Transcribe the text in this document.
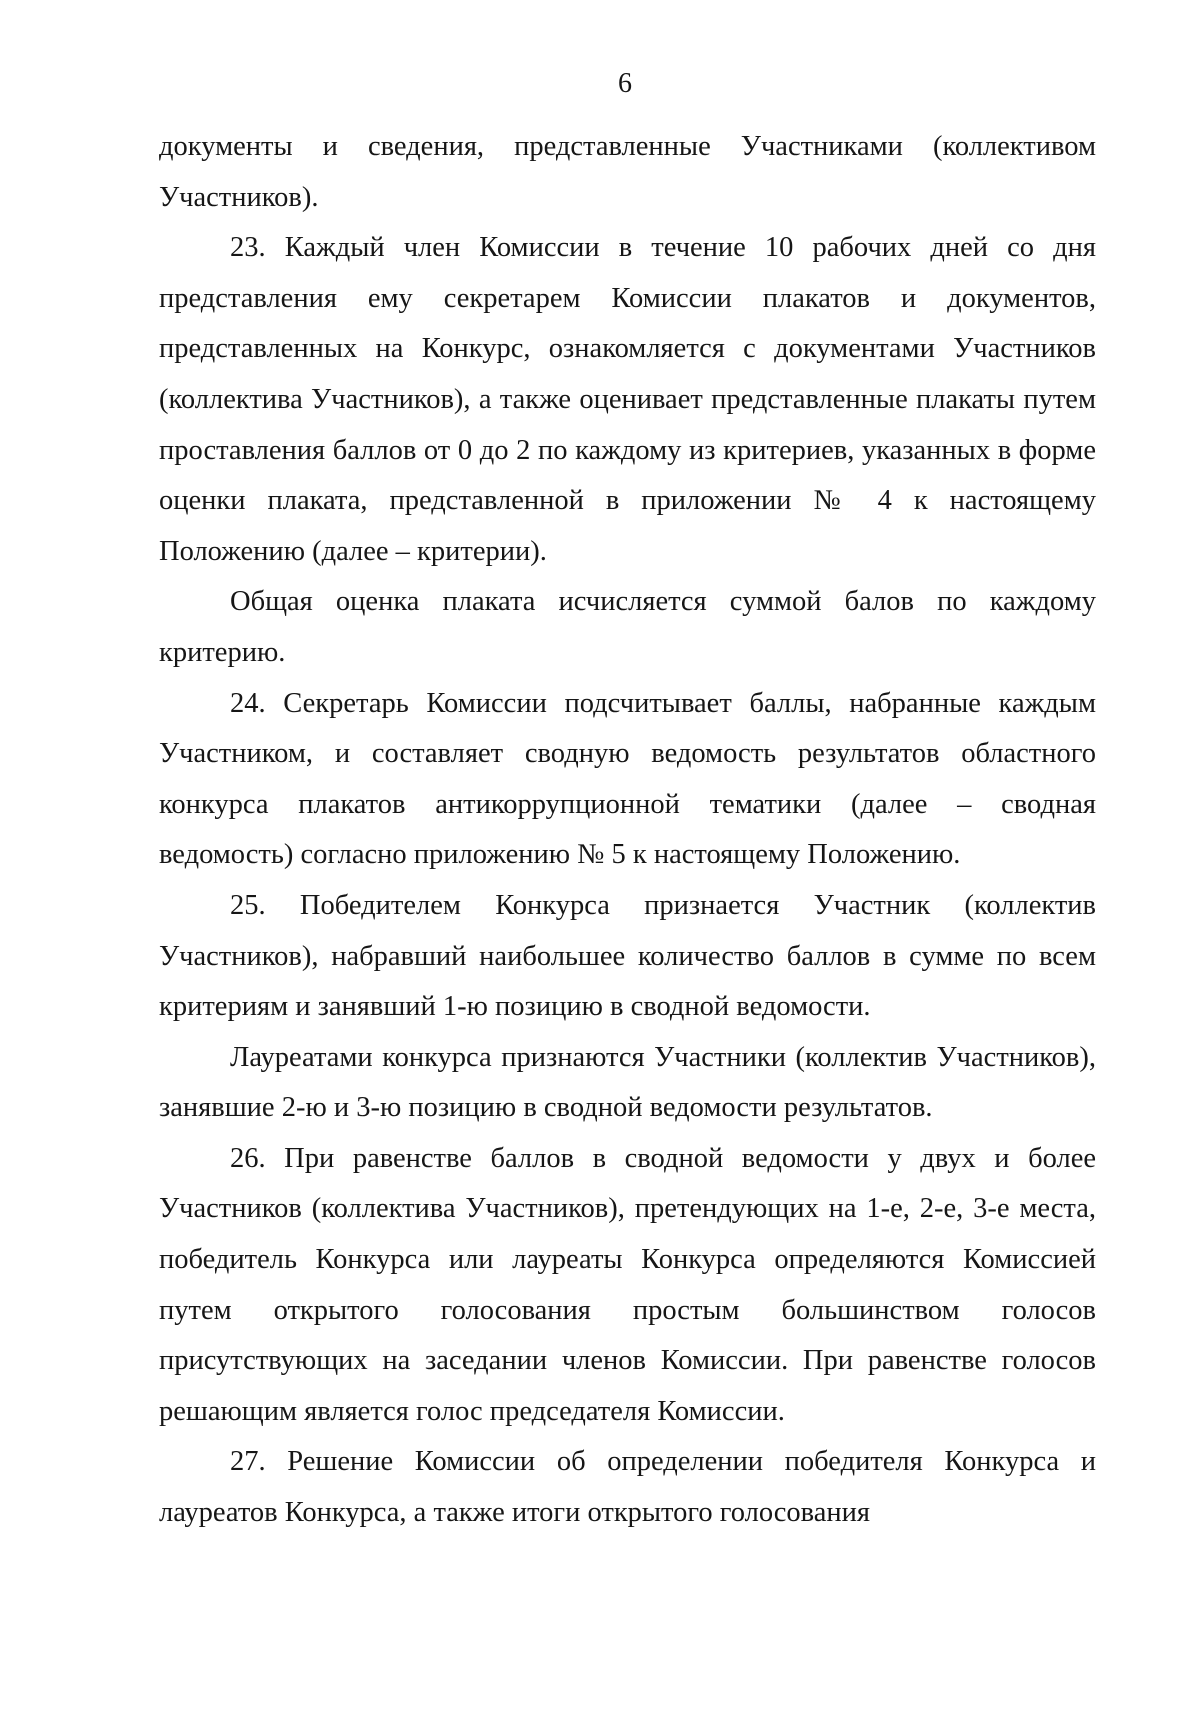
6

документы и сведения, представленные Участниками (коллективом Участников).

23. Каждый член Комиссии в течение 10 рабочих дней со дня представления ему секретарем Комиссии плакатов и документов, представленных на Конкурс, ознакомляется с документами Участников (коллектива Участников), а также оценивает представленные плакаты путем проставления баллов от 0 до 2 по каждому из критериев, указанных в форме оценки плаката, представленной в приложении № 4 к настоящему Положению (далее – критерии).

Общая оценка плаката исчисляется суммой балов по каждому критерию.

24. Секретарь Комиссии подсчитывает баллы, набранные каждым Участником, и составляет сводную ведомость результатов областного конкурса плакатов антикоррупционной тематики (далее – сводная ведомость) согласно приложению № 5 к настоящему Положению.

25. Победителем Конкурса признается Участник (коллектив Участников), набравший наибольшее количество баллов в сумме по всем критериям и занявший 1-ю позицию в сводной ведомости.

Лауреатами конкурса признаются Участники (коллектив Участников), занявшие 2-ю и 3-ю позицию в сводной ведомости результатов.

26. При равенстве баллов в сводной ведомости у двух и более Участников (коллектива Участников), претендующих на 1-е, 2-е, 3-е места, победитель Конкурса или лауреаты Конкурса определяются Комиссией путем открытого голосования простым большинством голосов присутствующих на заседании членов Комиссии. При равенстве голосов решающим является голос председателя Комиссии.

27. Решение Комиссии об определении победителя Конкурса и лауреатов Конкурса, а также итоги открытого голосования
